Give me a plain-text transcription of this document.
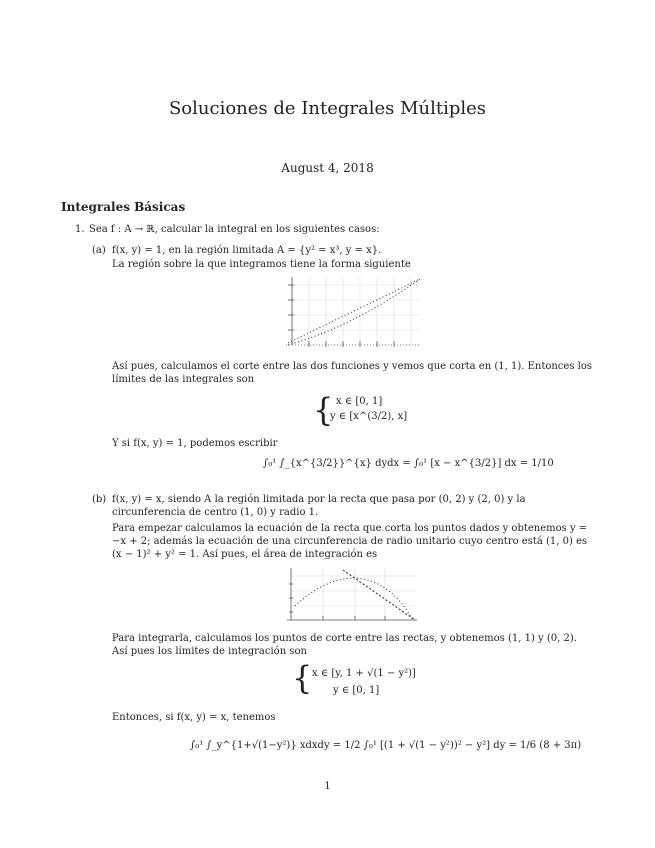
Soluciones de Integrales Múltiples
August 4, 2018
Integrales Básicas
1. Sea f : A → ℝ, calcular la integral en los siguientes casos:
(a) f(x, y) = 1, en la región limitada A = {y² = x³, y = x}.
La región sobre la que integramos tiene la forma siguiente
Así pues, calculamos el corte entre las dos funciones y vemos que corta en (1, 1). Entonces los límites de las integrales son
{ x ∈ [0, 1]
y ∈ [x^(3/2), x]
Y si f(x, y) = 1, podemos escribir
∫₀¹ ∫_{x^{3/2}}^{x} dydx = ∫₀¹ [x − x^{3/2}] dx = 1/10
(b) f(x, y) = x, siendo A la región limitada por la recta que pasa por (0, 2) y (2, 0) y la circunferencia de centro (1, 0) y radio 1.
Para empezar calculamos la ecuación de la recta que corta los puntos dados y obtenemos y = −x + 2; además la ecuación de una circunferencia de radio unitario cuyo centro está (1, 0) es (x − 1)² + y² = 1. Así pues, el área de integración es
Para integrarla, calculamos los puntos de corte entre las rectas, y obtenemos (1, 1) y (0, 2). Así pues los límites de integración son
{ x ∈ [y, 1 + √(1 − y²)]
y ∈ [0, 1]
Entonces, si f(x, y) = x, tenemos
∫₀¹ ∫_y^{1+√(1−y²)} xdxdy = 1/2 ∫₀¹ [(1 + √(1 − y²))² − y²] dy = 1/6 (8 + 3π)
1
